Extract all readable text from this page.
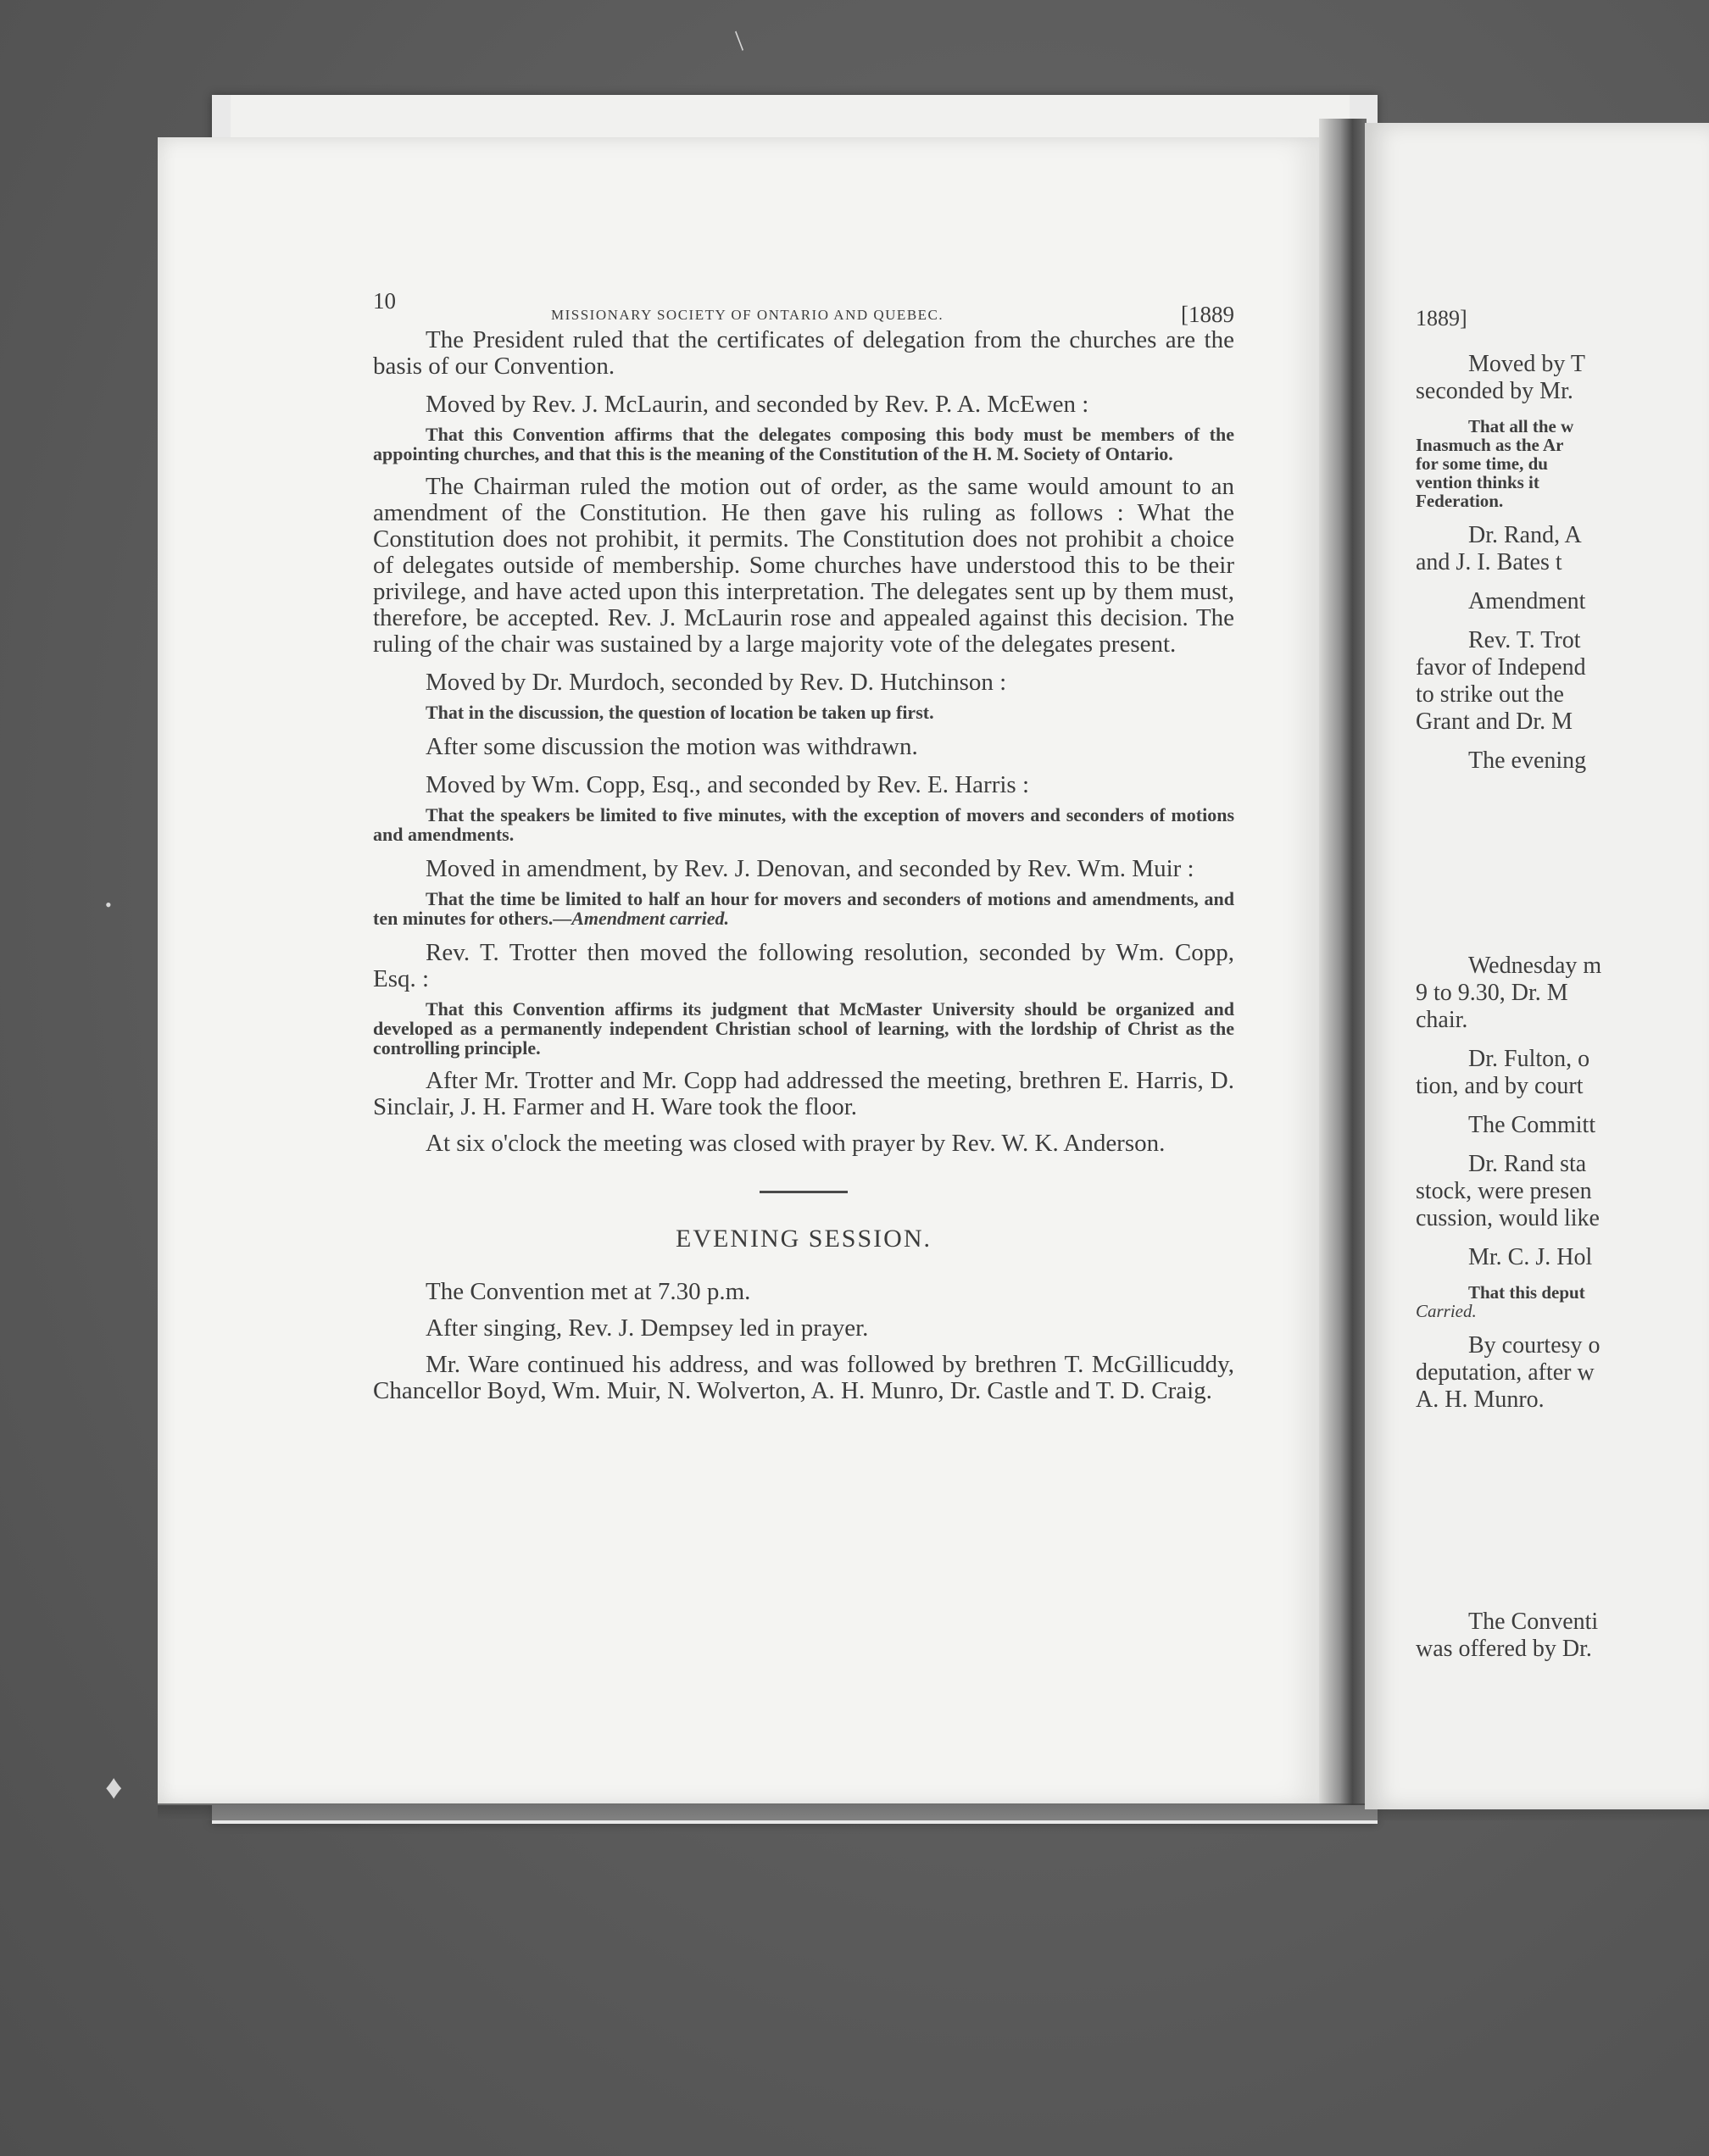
10
MISSIONARY SOCIETY OF ONTARIO AND QUEBEC.	[1889

The President ruled that the certificates of delegation from the churches are the basis of our Convention.

Moved by Rev. J. McLaurin, and seconded by Rev. P. A. McEwen :

That this Convention affirms that the delegates composing this body must be members of the appointing churches, and that this is the meaning of the Constitution of the H. M. Society of Ontario.

The Chairman ruled the motion out of order, as the same would amount to an amendment of the Constitution. He then gave his ruling as follows : What the Constitution does not prohibit, it permits. The Constitution does not prohibit a choice of delegates outside of membership. Some churches have understood this to be their privilege, and have acted upon this interpretation. The delegates sent up by them must, therefore, be accepted. Rev. J. McLaurin rose and appealed against this decision. The ruling of the chair was sustained by a large majority vote of the delegates present.

Moved by Dr. Murdoch, seconded by Rev. D. Hutchinson :

That in the discussion, the question of location be taken up first.

After some discussion the motion was withdrawn.

Moved by Wm. Copp, Esq., and seconded by Rev. E. Harris :

That the speakers be limited to five minutes, with the exception of movers and seconders of motions and amendments.

Moved in amendment, by Rev. J. Denovan, and seconded by Rev. Wm. Muir :

That the time be limited to half an hour for movers and seconders of motions and amendments, and ten minutes for others.—Amendment carried.

Rev. T. Trotter then moved the following resolution, seconded by Wm. Copp, Esq. :

That this Convention affirms its judgment that McMaster University should be organized and developed as a permanently independent Christian school of learning, with the lordship of Christ as the controlling principle.

After Mr. Trotter and Mr. Copp had addressed the meeting, brethren E. Harris, D. Sinclair, J. H. Farmer and H. Ware took the floor.

At six o'clock the meeting was closed with prayer by Rev. W. K. Anderson.

EVENING SESSION.

The Convention met at 7.30 p.m.

After singing, Rev. J. Dempsey led in prayer.

Mr. Ware continued his address, and was followed by brethren T. McGillicuddy, Chancellor Boyd, Wm. Muir, N. Wolverton, A. H. Munro, Dr. Castle and T. D. Craig.

1889]

Moved by T

seconded by Mr.

That all the w

Inasmuch as the Ar

for some time, du

vention thinks it

Federation.

Dr. Rand, A

and J. I. Bates t

Amendment

Rev. T. Trot

favor of Independ

to strike out the

Grant and Dr. M

The evening

Wednesday m

9 to 9.30, Dr. M

chair.

Dr. Fulton, o

tion, and by court

The Committ

Dr. Rand sta

stock, were presen

cussion, would like

Mr. C. J. Hol

That this deput

Carried.

By courtesy o

deputation, after w

A. H. Munro.

The Conventi

was offered by Dr.

/
•
♦
